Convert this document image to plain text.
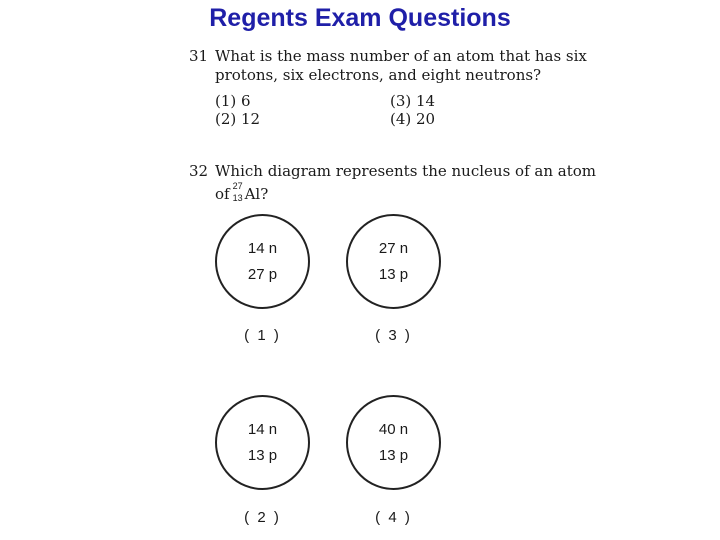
Regents Exam Questions
31 What is the mass number of an atom that has six
protons, six electrons, and eight neutrons?
(1) 6
(2) 12
(3) 14
(4) 20
32 Which diagram represents the nucleus of an atom
of 27
13 Al?
14 n
27 p
( 1 )
27 n
13 p
( 3 )
14 n
13 p
( 2 )
40 n
13 p
( 4 )
